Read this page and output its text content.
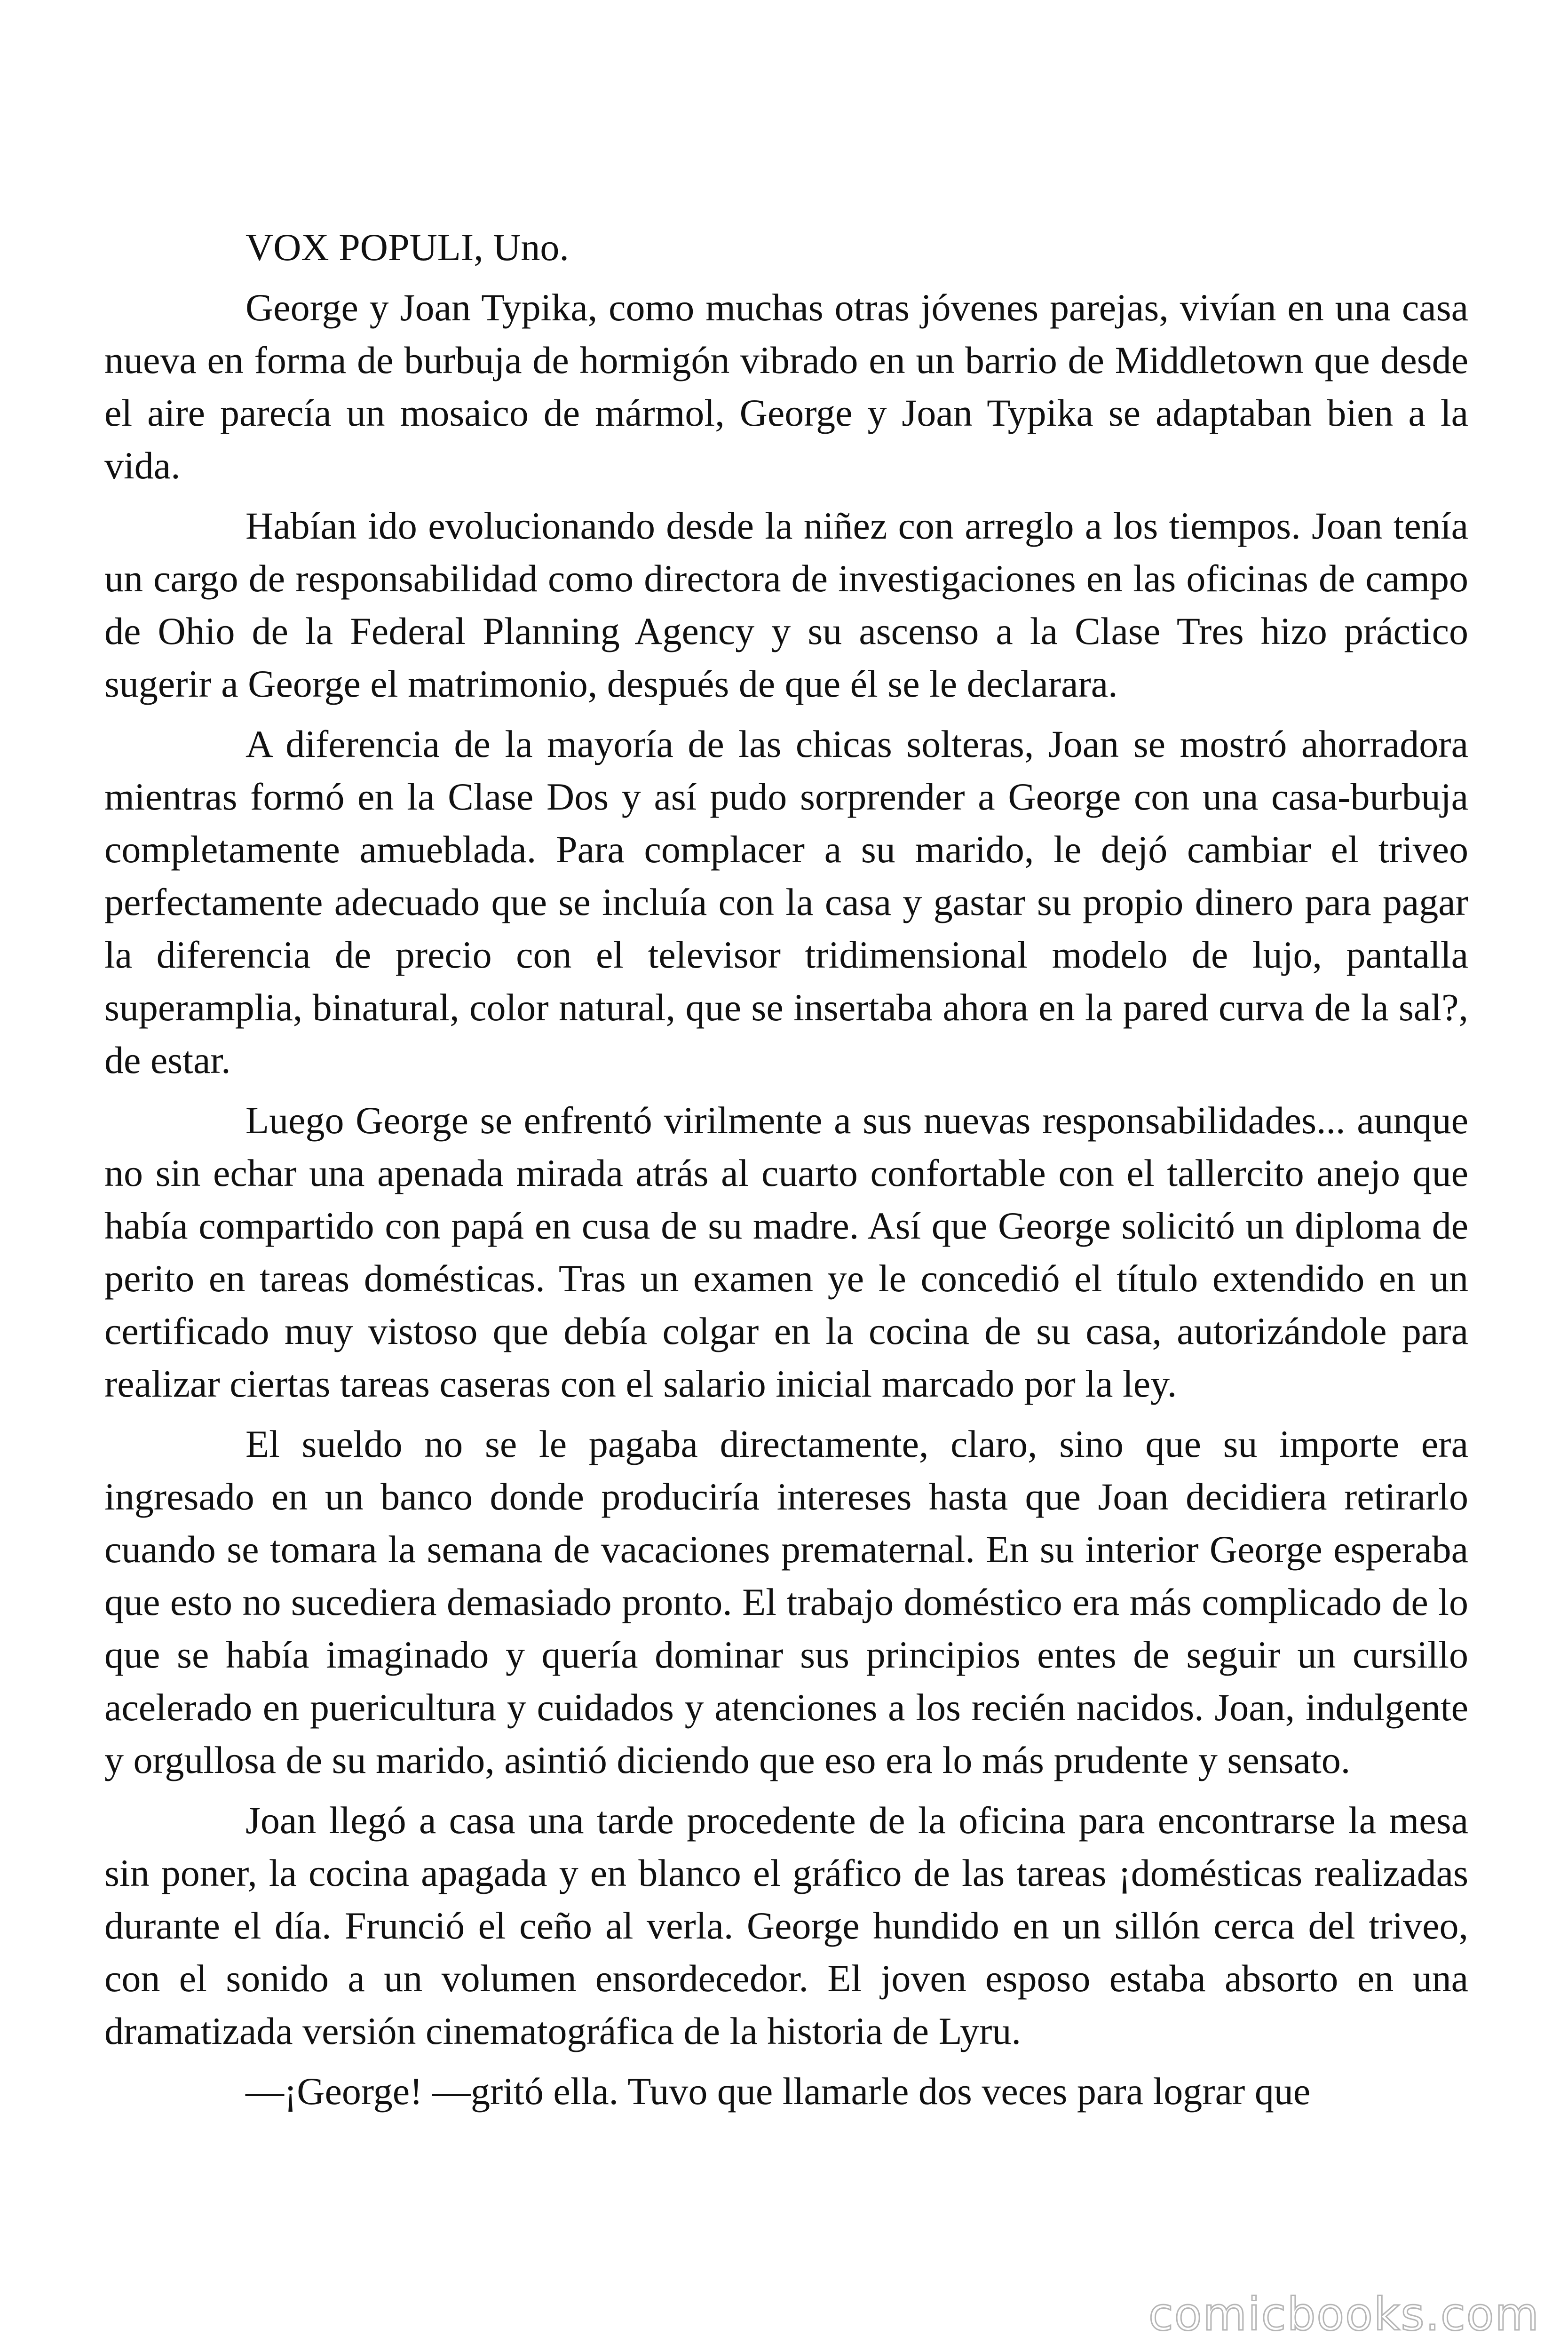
VOX POPULI, Uno.

George y Joan Typika, como muchas otras jóvenes parejas, vivían en una casa nueva en forma de burbuja de hormigón vibrado en un barrio de Middletown que desde el aire parecía un mosaico de mármol, George y Joan Typika se adaptaban bien a la vida.

Habían ido evolucionando desde la niñez con arreglo a los tiempos. Joan tenía un cargo de responsabilidad como directora de investigaciones en las oficinas de campo de Ohio de la Federal Planning Agency y su ascenso a la Clase Tres hizo práctico sugerir a George el matrimonio, después de que él se le declarara.

A diferencia de la mayoría de las chicas solteras, Joan se mostró ahorradora mientras formó en la Clase Dos y así pudo sorprender a George con una casa-burbuja completamente amueblada. Para complacer a su marido, le dejó cambiar el triveo perfectamente adecuado que se incluía con la casa y gastar su propio dinero para pagar la diferencia de precio con el televisor tridimensional modelo de lujo, pantalla superamplia, binatural, color natural, que se insertaba ahora en la pared curva de la sal?, de estar.

Luego George se enfrentó virilmente a sus nuevas responsabilidades... aunque no sin echar una apenada mirada atrás al cuarto confortable con el tallercito anejo que había compartido con papá en cusa de su madre. Así que George solicitó un diploma de perito en tareas domésticas. Tras un examen ye le concedió el título extendido en un certificado muy vistoso que debía colgar en la cocina de su casa, autorizándole para realizar ciertas tareas caseras con el salario inicial marcado por la ley.

El sueldo no se le pagaba directamente, claro, sino que su importe era ingresado en un banco donde produciría intereses hasta que Joan decidiera retirarlo cuando se tomara la semana de vacaciones prematernal. En su interior George esperaba que esto no sucediera demasiado pronto. El trabajo doméstico era más complicado de lo que se había imaginado y quería dominar sus principios entes de seguir un cursillo acelerado en puericultura y cuidados y atenciones a los recién nacidos. Joan, indulgente y orgullosa de su marido, asintió diciendo que eso era lo más prudente y sensato.

Joan llegó a casa una tarde procedente de la oficina para encontrarse la mesa sin poner, la cocina apagada y en blanco el gráfico de las tareas ¡domésticas realizadas durante el día. Frunció el ceño al verla. George hundido en un sillón cerca del triveo, con el sonido a un volumen ensordecedor. El joven esposo estaba absorto en una dramatizada versión cinematográfica de la historia de Lyru.

—¡George! —gritó ella. Tuvo que llamarle dos veces para lograr que

comicbooks.com
